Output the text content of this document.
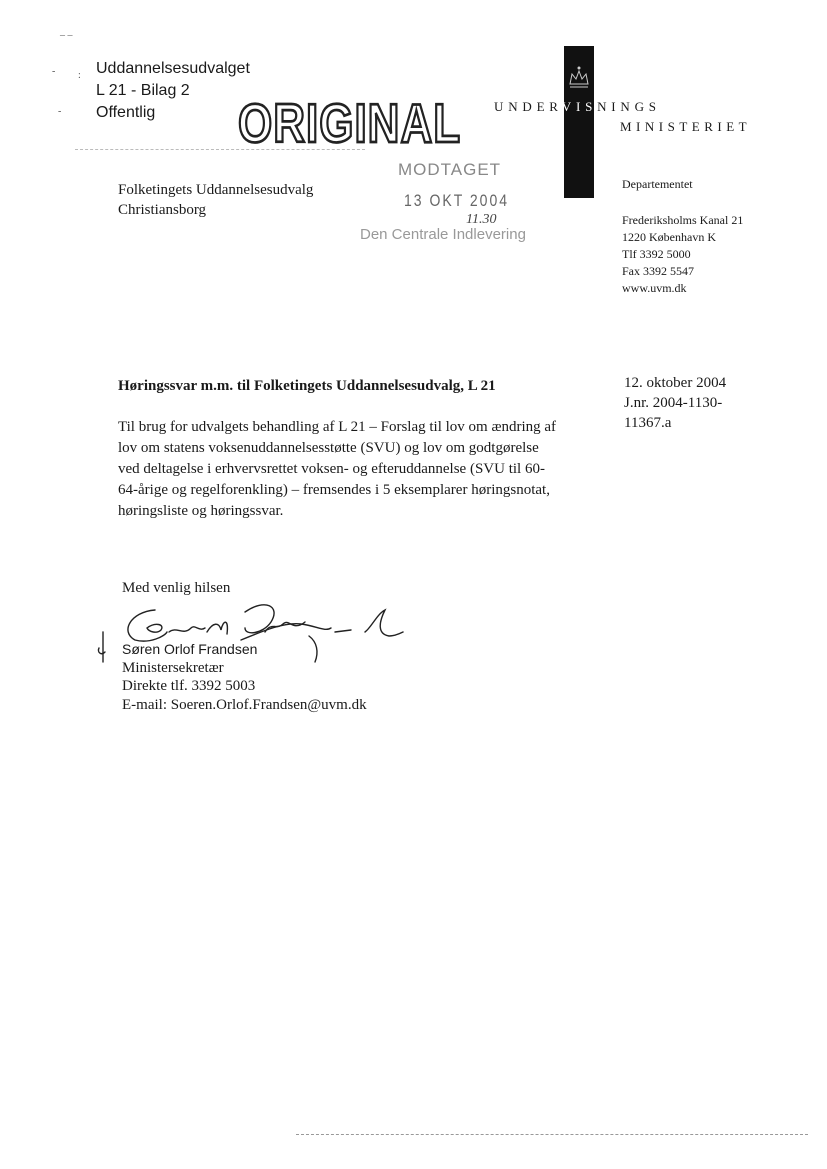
– –
- :
-
Uddannelsesudvalget
L 21 - Bilag 2
Offentlig	ORIGINAL	UNDERVISNINGS
MINISTERIET
Folketingets Uddannelsesudvalg
Christiansborg
MODTAGET
13 OKT 2004
11.30
Den Centrale Indlevering
Departementet
Frederiksholms Kanal 21
1220 København K
Tlf 3392 5000
Fax 3392 5547
www.uvm.dk
12. oktober 2004
J.nr. 2004-1130-
11367.a
Høringssvar m.m. til Folketingets Uddannelsesudvalg, L 21
Til brug for udvalgets behandling af L 21 – Forslag til lov om ændring af
lov om statens voksenuddannelsesstøtte (SVU) og lov om godtgørelse
ved deltagelse i erhvervsrettet voksen- og efteruddannelse (SVU til 60-
64-årige og regelforenkling) – fremsendes i 5 eksemplarer høringsnotat,
høringsliste og høringssvar.
Med venlig hilsen
Søren Orlof Frandsen
Ministersekretær
Direkte tlf. 3392 5003
E-mail: Soeren.Orlof.Frandsen@uvm.dk
